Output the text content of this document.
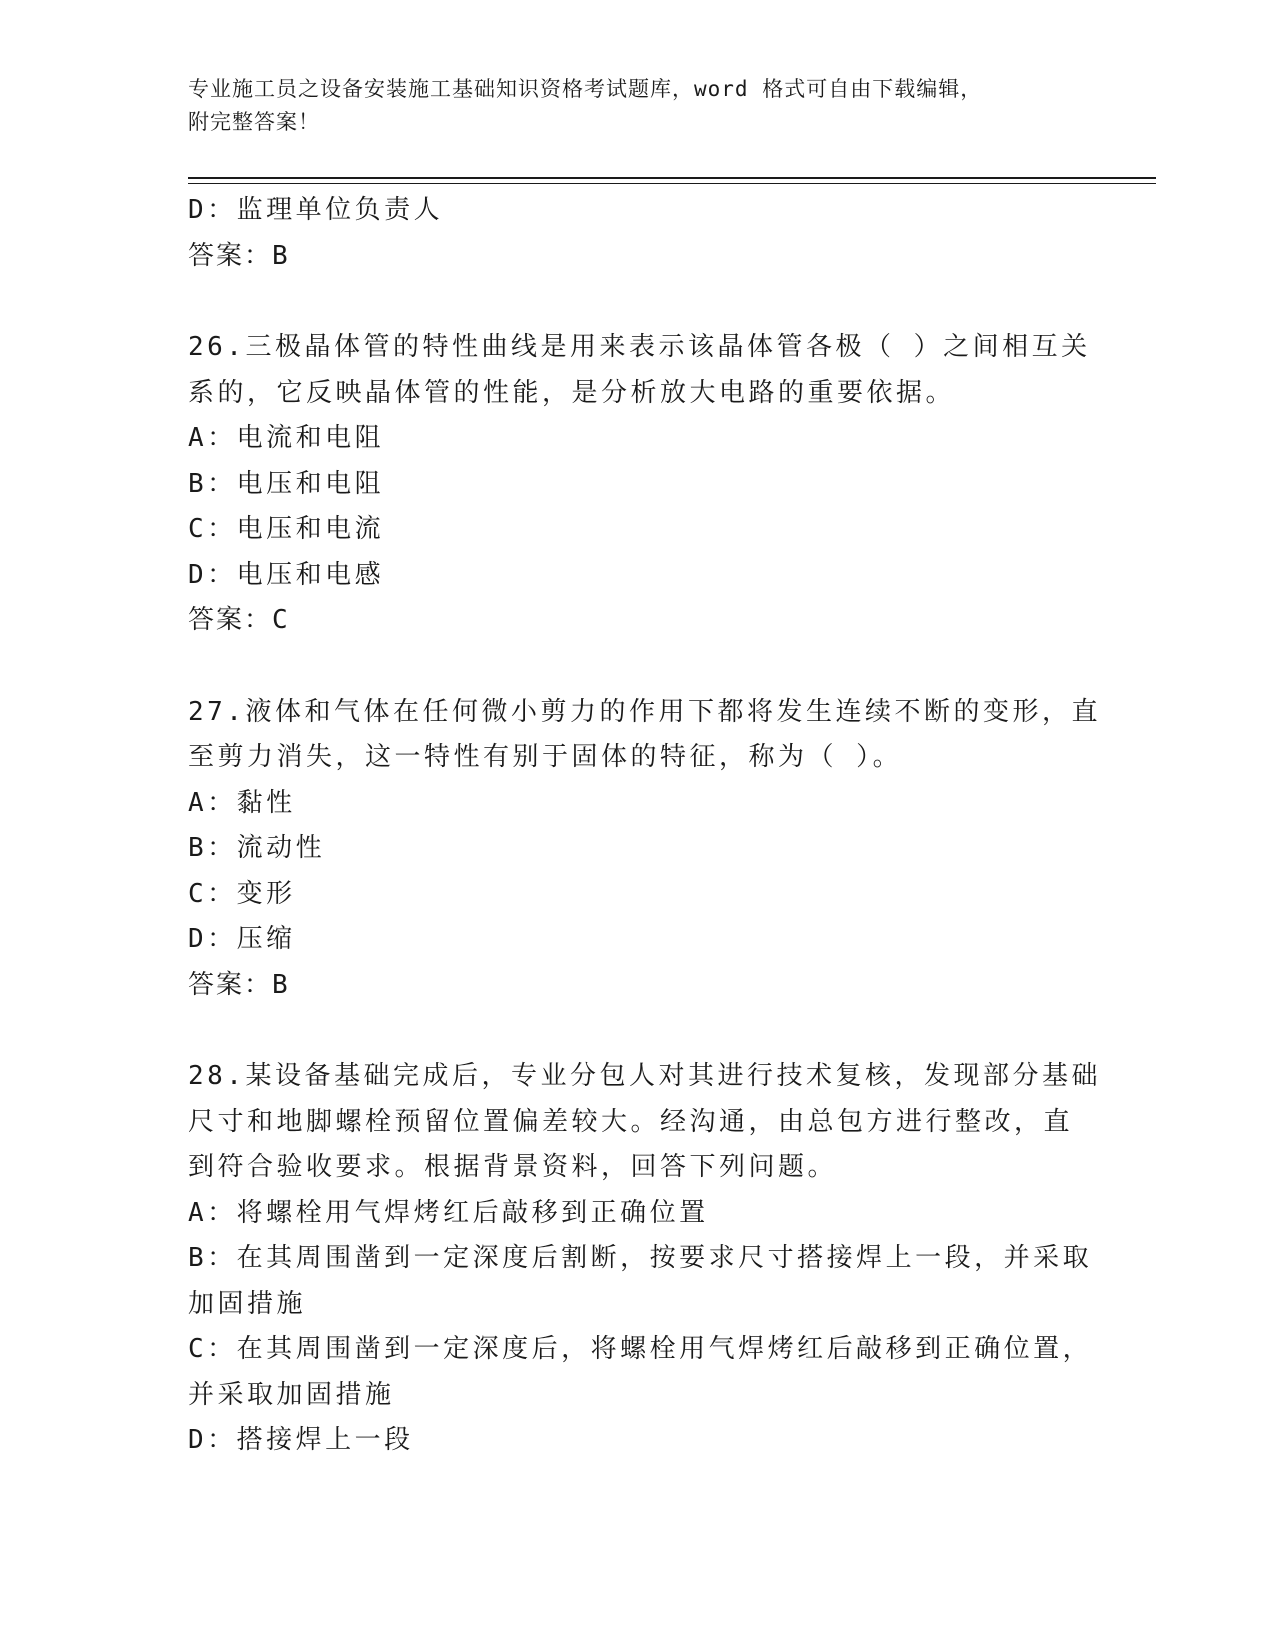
专业施工员之设备安装施工基础知识资格考试题库，word 格式可自由下载编辑，
附完整答案！
D：监理单位负责人
答案：B
26.三极晶体管的特性曲线是用来表示该晶体管各极（ ）之间相互关
系的，它反映晶体管的性能，是分析放大电路的重要依据。
A：电流和电阻
B：电压和电阻
C：电压和电流
D：电压和电感
答案：C
27.液体和气体在任何微小剪力的作用下都将发生连续不断的变形，直
至剪力消失，这一特性有别于固体的特征，称为（ ）。
A：黏性
B：流动性
C：变形
D：压缩
答案：B
28.某设备基础完成后，专业分包人对其进行技术复核，发现部分基础
尺寸和地脚螺栓预留位置偏差较大。经沟通，由总包方进行整改，直
到符合验收要求。根据背景资料，回答下列问题。
A：将螺栓用气焊烤红后敲移到正确位置
B：在其周围凿到一定深度后割断，按要求尺寸搭接焊上一段，并采取
加固措施
C：在其周围凿到一定深度后，将螺栓用气焊烤红后敲移到正确位置，
并采取加固措施
D：搭接焊上一段
